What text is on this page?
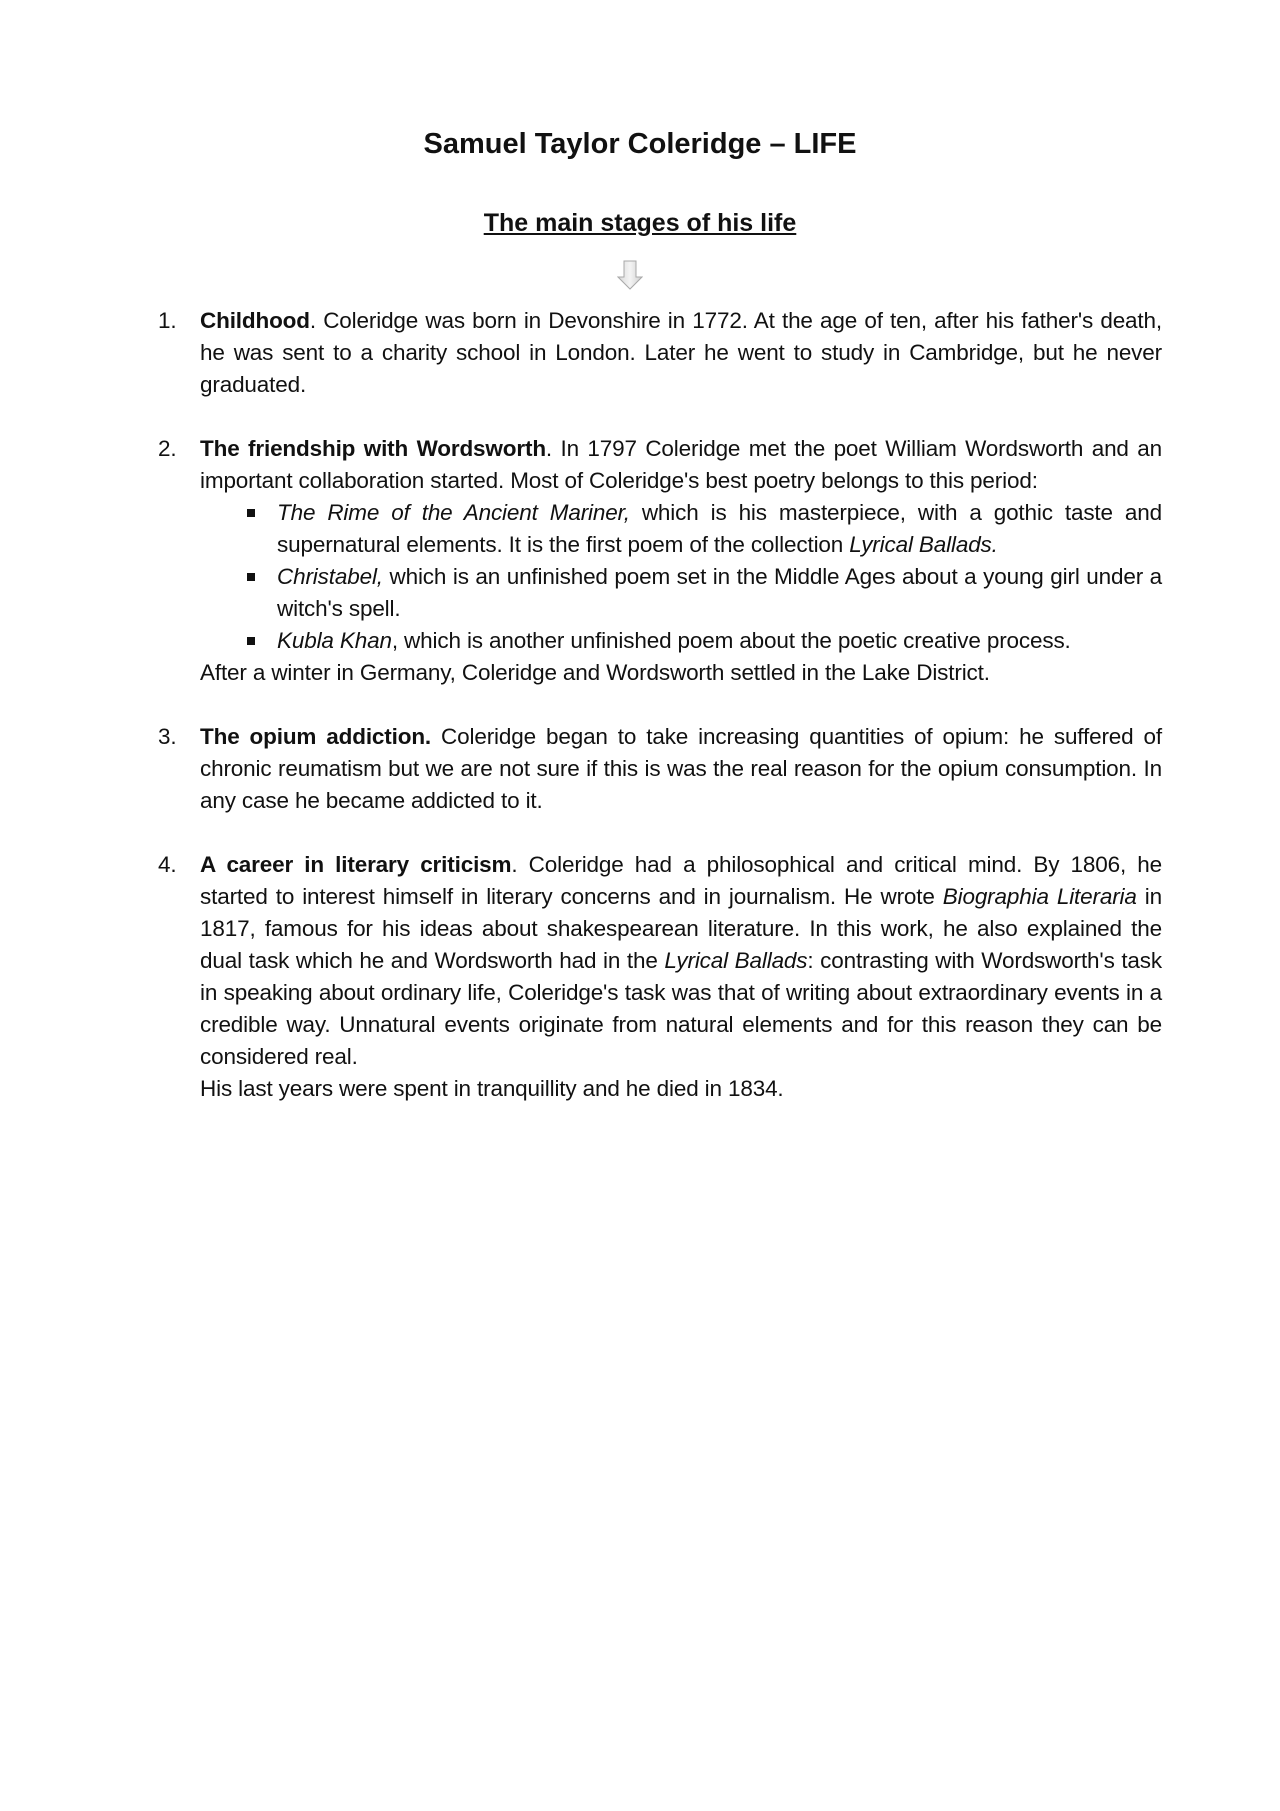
Samuel Taylor Coleridge – LIFE
The main stages of his life
1.	Childhood. Coleridge was born in Devonshire in 1772. At the age of ten, after his father's death, he was sent to a charity school in London. Later he went to study in Cambridge, but he never graduated.

2.	The friendship with Wordsworth. In 1797 Coleridge met the poet William Wordsworth and an important collaboration started. Most of Coleridge's best poetry belongs to this period:

The Rime of the Ancient Mariner, which is his masterpiece, with a gothic taste and supernatural elements. It is the first poem of the collection Lyrical Ballads.
Christabel, which is an unfinished poem set in the Middle Ages about a young girl under a witch's spell.
Kubla Khan, which is another unfinished poem about the poetic creative process.

After a winter in Germany, Coleridge and Wordsworth settled in the Lake District.

3.	The opium addiction. Coleridge began to take increasing quantities of opium: he suffered of chronic reumatism but we are not sure if this is was the real reason for the opium consumption. In any case he became addicted to it.

4.	A career in literary criticism. Coleridge had a philosophical and critical mind. By 1806, he started to interest himself in literary concerns and in journalism. He wrote Biographia Literaria in 1817, famous for his ideas about shakespearean literature. In this work, he also explained the dual task which he and Wordsworth had in the Lyrical Ballads: contrasting with Wordsworth's task in speaking about ordinary life, Coleridge's task was that of writing about extraordinary events in a credible way. Unnatural events originate from natural elements and for this reason they can be considered real.

His last years were spent in tranquillity and he died in 1834.
